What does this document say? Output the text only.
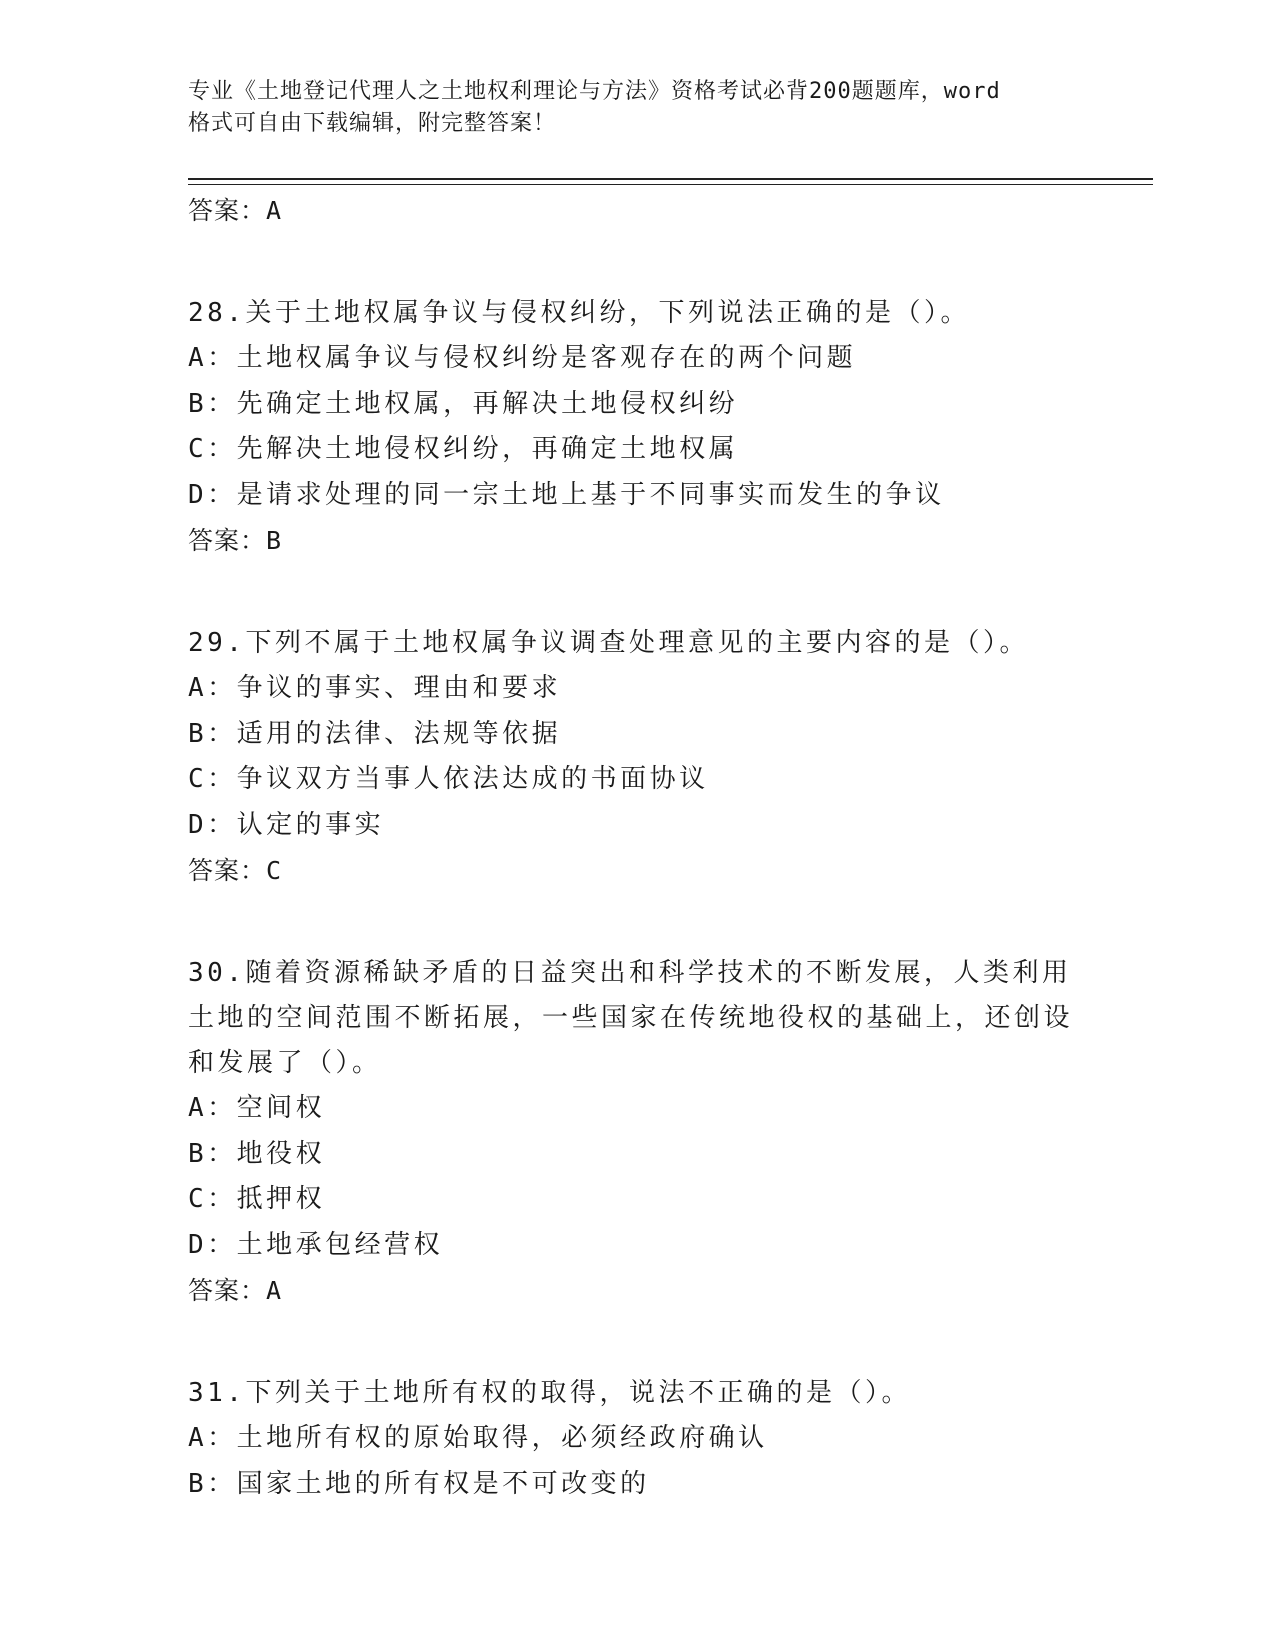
专业《土地登记代理人之土地权利理论与方法》资格考试必背200题题库，word
格式可自由下载编辑，附完整答案！

答案：A

28.关于土地权属争议与侵权纠纷，下列说法正确的是（）。

A：土地权属争议与侵权纠纷是客观存在的两个问题

B：先确定土地权属，再解决土地侵权纠纷

C：先解决土地侵权纠纷，再确定土地权属

D：是请求处理的同一宗土地上基于不同事实而发生的争议

答案：B

29.下列不属于土地权属争议调查处理意见的主要内容的是（）。

A：争议的事实、理由和要求

B：适用的法律、法规等依据

C：争议双方当事人依法达成的书面协议

D：认定的事实

答案：C

30.随着资源稀缺矛盾的日益突出和科学技术的不断发展，人类利用土地的空间范围不断拓展，一些国家在传统地役权的基础上，还创设和发展了（）。

A：空间权

B：地役权

C：抵押权

D：土地承包经营权

答案：A

31.下列关于土地所有权的取得，说法不正确的是（）。

A：土地所有权的原始取得，必须经政府确认

B：国家土地的所有权是不可改变的
